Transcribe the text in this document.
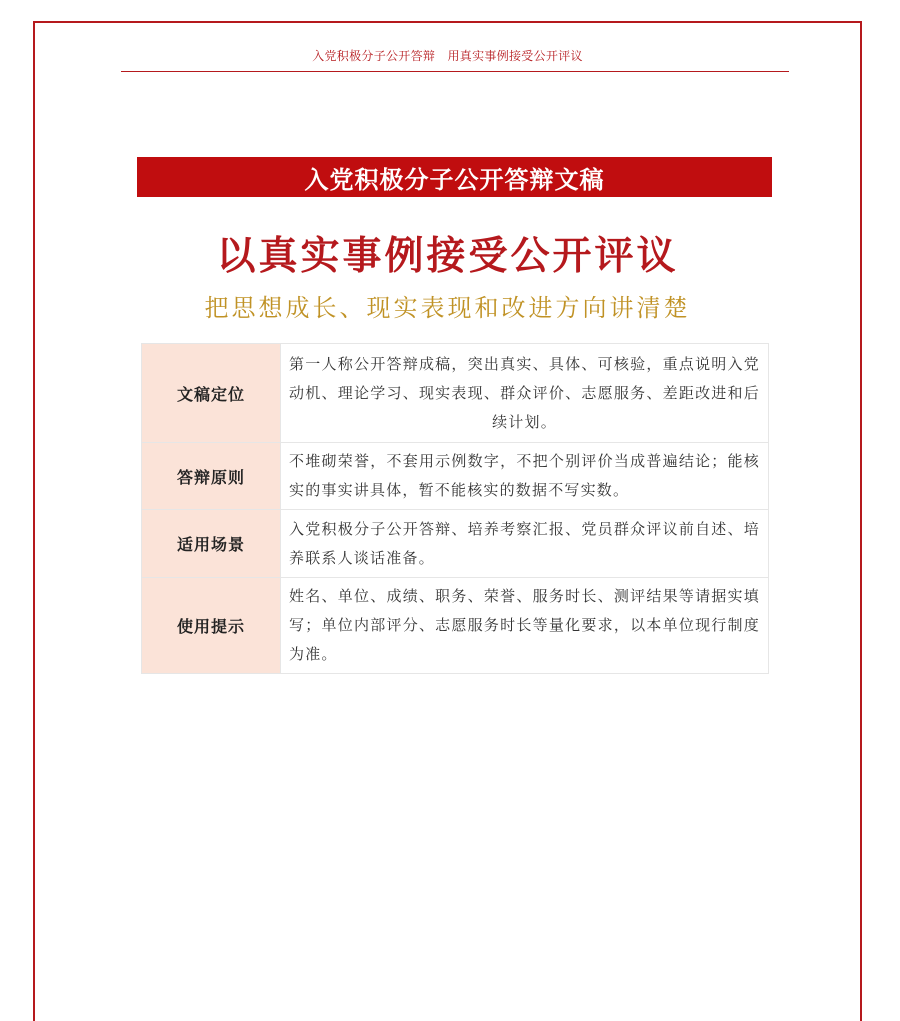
入党积极分子公开答辩　用真实事例接受公开评议
入党积极分子公开答辩文稿
以真实事例接受公开评议
把思想成长、现实表现和改进方向讲清楚
文稿定位	第一人称公开答辩成稿，突出真实、具体、可核验，重点说明入党动机、理论学习、现实表现、群众评价、志愿服务、差距改进和后续计划。
答辩原则	不堆砌荣誉，不套用示例数字，不把个别评价当成普遍结论；能核实的事实讲具体，暂不能核实的数据不写实数。
适用场景	入党积极分子公开答辩、培养考察汇报、党员群众评议前自述、培养联系人谈话准备。
使用提示	姓名、单位、成绩、职务、荣誉、服务时长、测评结果等请据实填写；单位内部评分、志愿服务时长等量化要求，以本单位现行制度为准。
